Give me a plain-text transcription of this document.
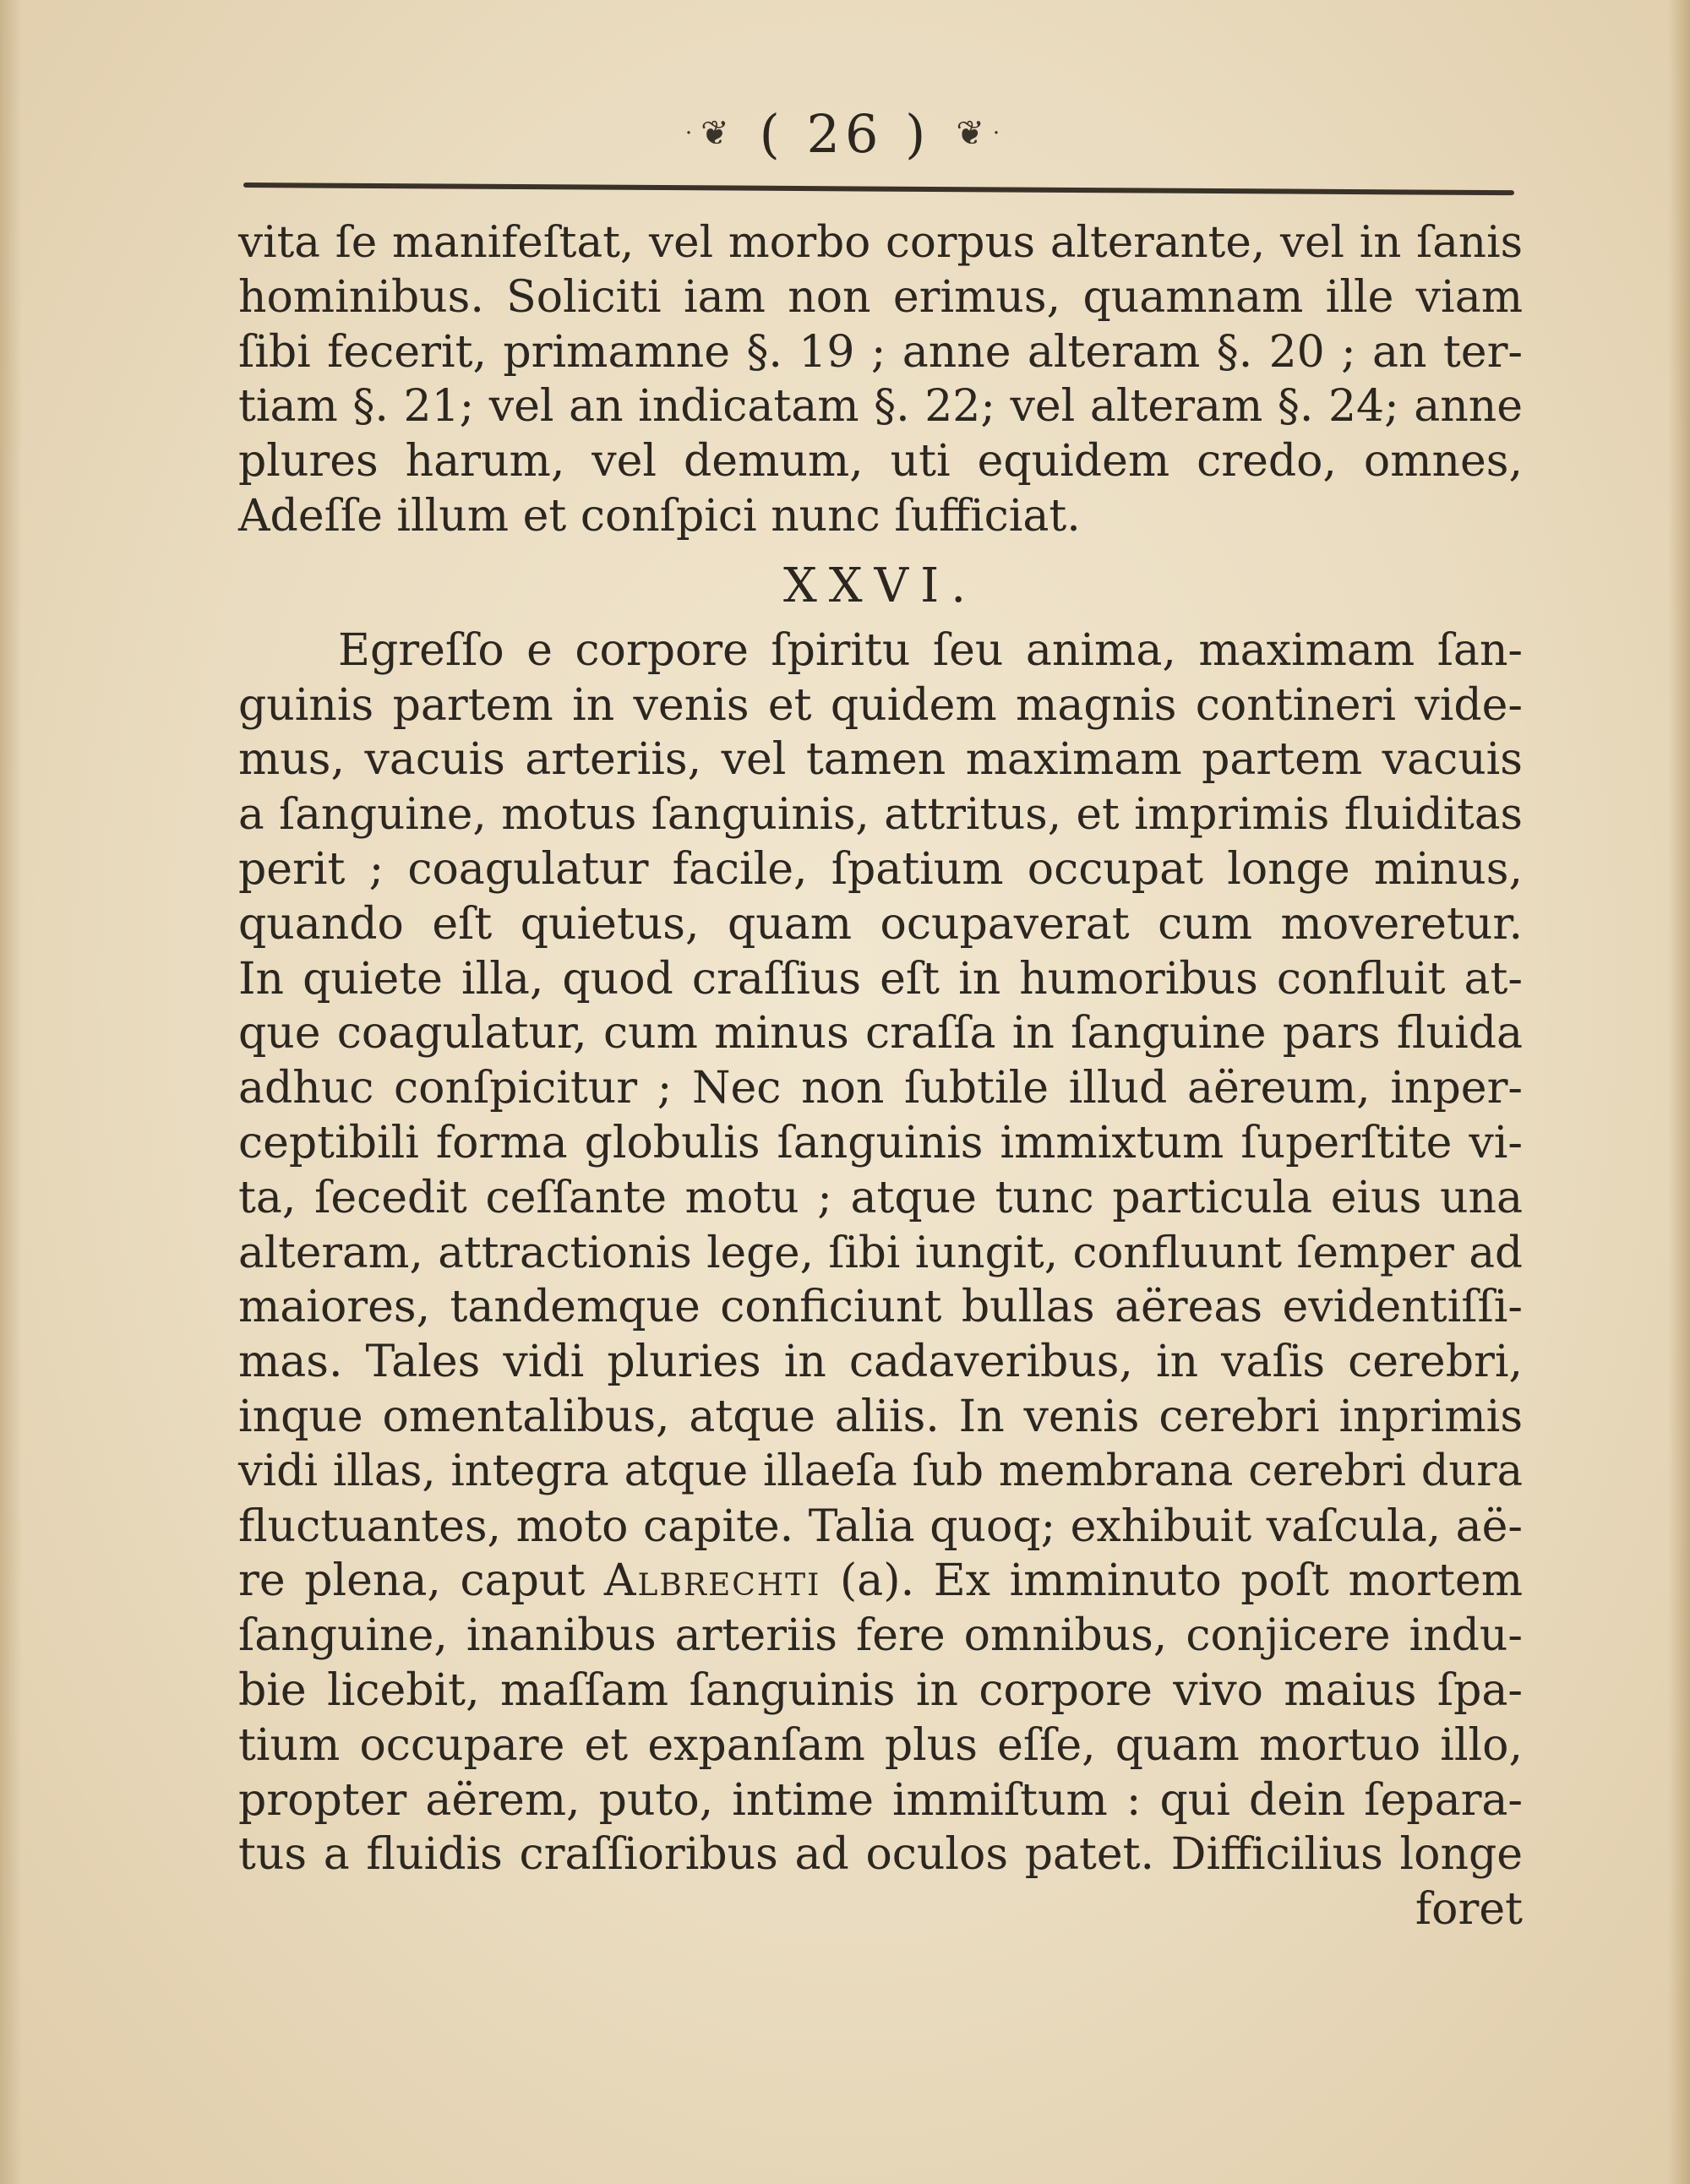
· ❦ ( 26 ) ❦ ·
vita ſe manifeſtat, vel morbo corpus alterante, vel in ſanis
hominibus. Soliciti iam non erimus, quamnam ille viam
ſibi fecerit, primamne §. 19 ; anne alteram §. 20 ; an ter-
tiam §. 21; vel an indicatam §. 22; vel alteram §. 24; anne
plures harum, vel demum, uti equidem credo, omnes,
Adeſſe illum et conſpici nunc ſufficiat.
XXVI.
Egreſſo e corpore ſpiritu ſeu anima, maximam ſan-
guinis partem in venis et quidem magnis contineri vide-
mus, vacuis arteriis, vel tamen maximam partem vacuis
a ſanguine, motus ſanguinis, attritus, et imprimis fluiditas
perit ; coagulatur facile, ſpatium occupat longe minus,
quando eſt quietus, quam ocupaverat cum moveretur.
In quiete illa, quod craſſius eſt in humoribus confluit at-
que coagulatur, cum minus craſſa in ſanguine pars fluida
adhuc conſpicitur ; Nec non ſubtile illud aëreum, inper-
ceptibili forma globulis ſanguinis immixtum ſuperſtite vi-
ta, ſecedit ceſſante motu ; atque tunc particula eius una
alteram, attractionis lege, ſibi iungit, confluunt ſemper ad
maiores, tandemque conficiunt bullas aëreas evidentiſſi-
mas. Tales vidi pluries in cadaveribus, in vaſis cerebri,
inque omentalibus, atque aliis. In venis cerebri inprimis
vidi illas, integra atque illaeſa ſub membrana cerebri dura
fluctuantes, moto capite. Talia quoq; exhibuit vaſcula, aë-
re plena, caput Albrechti (a). Ex imminuto poſt mortem
ſanguine, inanibus arteriis fere omnibus, conjicere indu-
bie licebit, maſſam ſanguinis in corpore vivo maius ſpa-
tium occupare et expanſam plus eſſe, quam mortuo illo,
propter aërem, puto, intime immiſtum : qui dein ſepara-
tus a fluidis craſſioribus ad oculos patet. Difficilius longe
foret
